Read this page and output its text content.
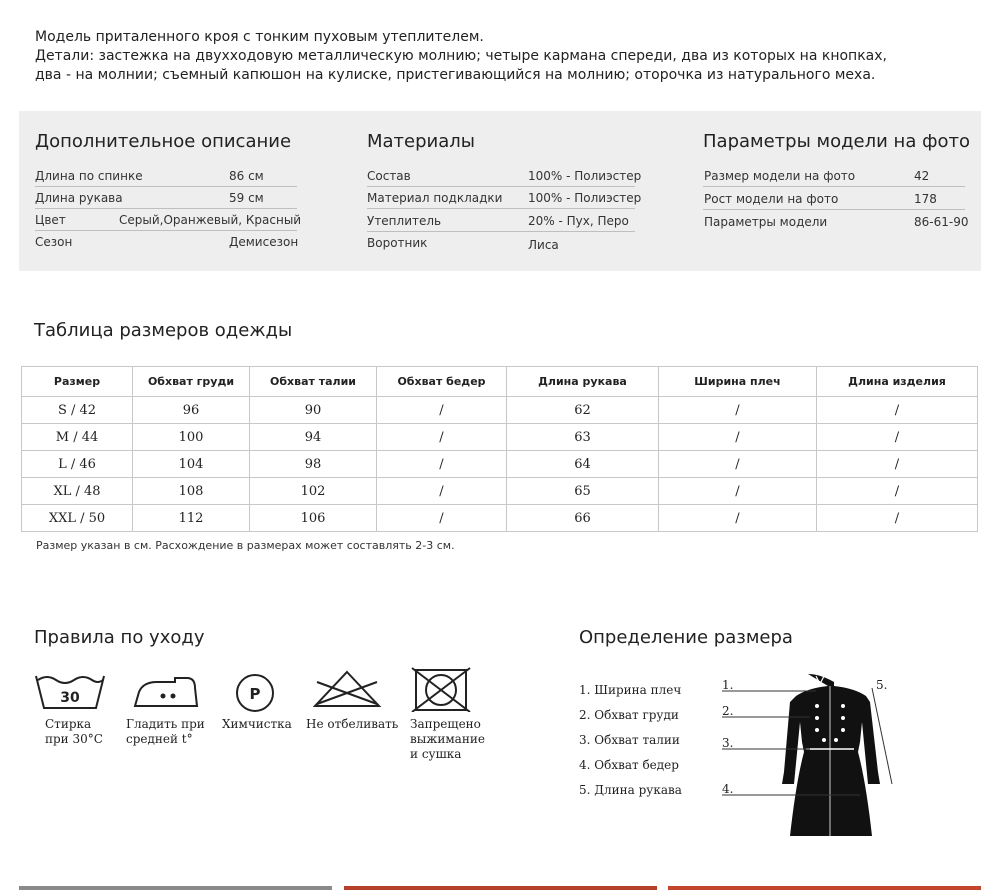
Модель приталенного кроя с тонким пуховым утеплителем.
Детали: застежка на двухходовую металлическую молнию; четыре кармана спереди, два из которых на кнопках,
два - на молнии; съемный капюшон на кулиске, пристегивающийся на молнию; оторочка из натурального меха.
Дополнительное описание
Длина по спинке	86 см
Длина рукава	59 см
Цвет	Серый,Оранжевый, Красный
Сезон	Демисезон
Материалы
Состав	100% - Полиэстер
Материал подкладки 100% - Полиэстер
Утеплитель	20% - Пух, Перо
Воротник	Лиса
Параметры модели на фото
Размер модели на фото	42
Рост модели на фото	178
Параметры модели	86-61-90
Таблица размеров одежды
Размер	Обхват груди	Обхват талии	Обхват бедер	Длина рукава	Ширина плеч	Длина изделия
S / 42	96	90	/	62	/	/
M / 44	100	94	/	63	/	/
L / 46	104	98	/	64	/	/
XL / 48	108	102	/	65	/	/
XXL / 50	112	106	/	66	/	/
Размер указан в см. Расхождение в размерах может составлять 2-3 см.
Правила по уходу
30
Стирка
при 30°C
Гладить при
средней t°
P
Химчистка Не отбеливать Запрещено
выжимание
и сушка
Определение размера
1. Ширина плеч
2. Обхват груди
3. Обхват талии
4. Обхват бедер
5. Длина рукава
1.
2.
3.
4.
5.
